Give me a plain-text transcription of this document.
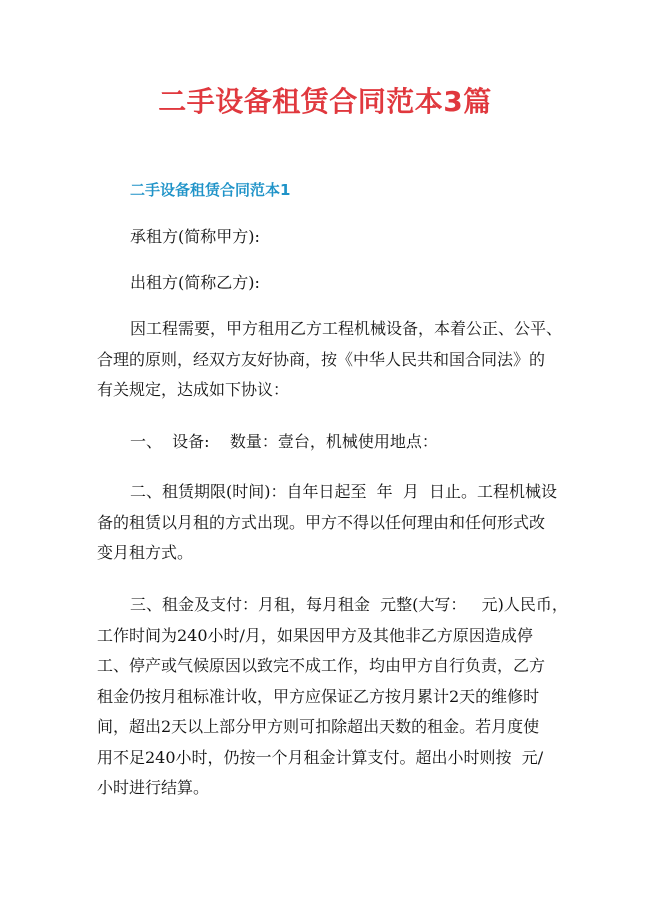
二手设备租赁合同范本3篇
二手设备租赁合同范本1
承租方(简称甲方):
出租方(简称乙方):
因工程需要，甲方租用乙方工程机械设备，本着公正、公平、
合理的原则，经双方友好协商，按《中华人民共和国合同法》的
有关规定，达成如下协议：
一、  设备:    数量：壹台，机械使用地点：
二、租赁期限(时间)：自年日起至  年  月  日止。工程机械设
备的租赁以月租的方式出现。甲方不得以任何理由和任何形式改
变月租方式。
三、租金及支付：月租，每月租金  元整(大写：   元)人民币，
工作时间为240小时/月，如果因甲方及其他非乙方原因造成停
工、停产或气候原因以致完不成工作，均由甲方自行负责，乙方
租金仍按月租标准计收，甲方应保证乙方按月累计2天的维修时
间，超出2天以上部分甲方则可扣除超出天数的租金。若月度使
用不足240小时，仍按一个月租金计算支付。超出小时则按  元/
小时进行结算。
